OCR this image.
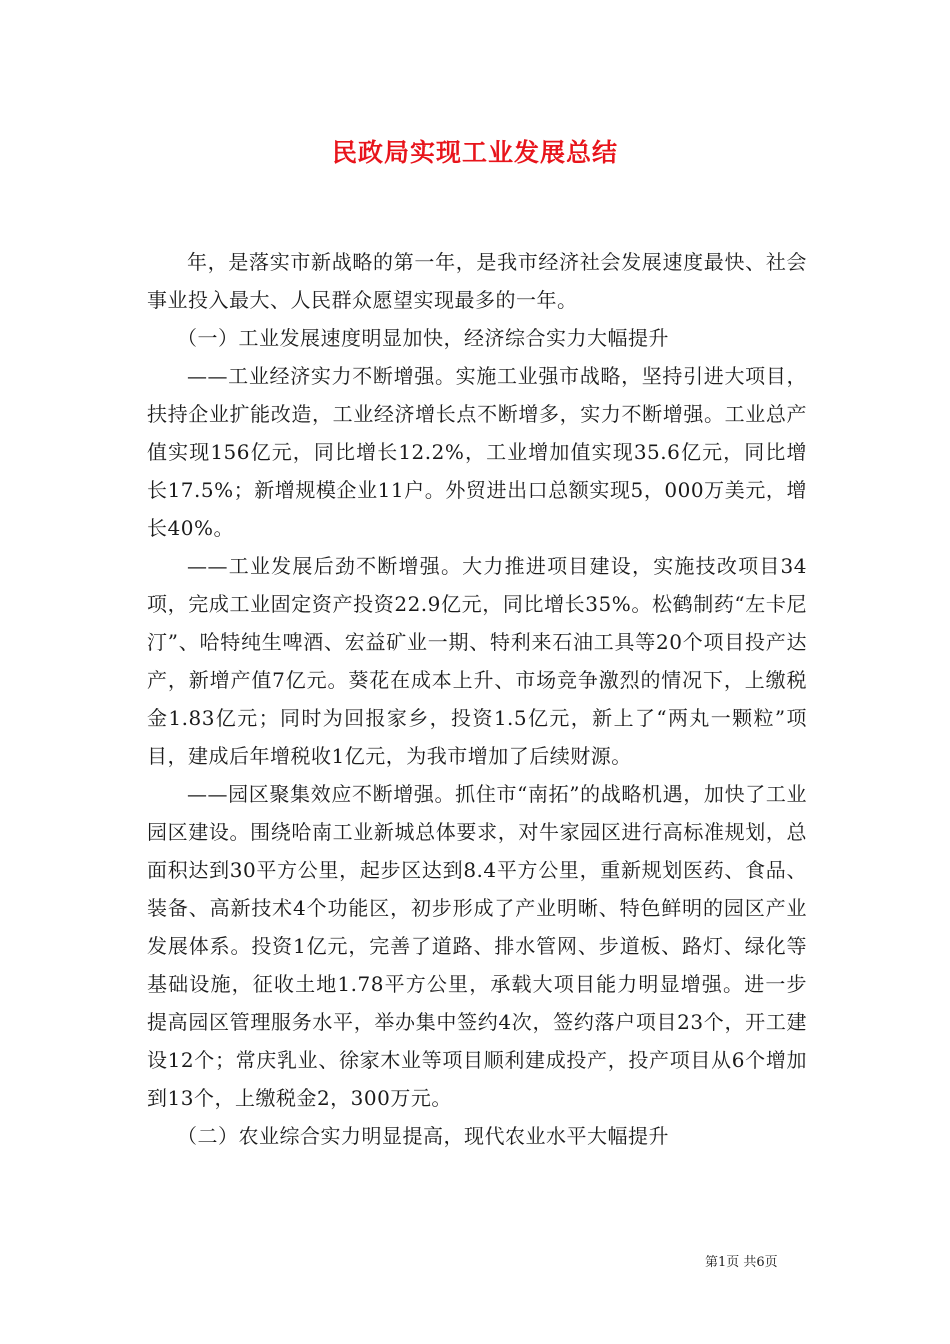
民政局实现工业发展总结

年，是落实市新战略的第一年，是我市经济社会发展速度最快、社会事业投入最大、人民群众愿望实现最多的一年。

（一）工业发展速度明显加快，经济综合实力大幅提升

——工业经济实力不断增强。实施工业强市战略，坚持引进大项目，扶持企业扩能改造，工业经济增长点不断增多，实力不断增强。工业总产值实现156亿元，同比增长12.2%，工业增加值实现35.6亿元，同比增长17.5%；新增规模企业11户。外贸进出口总额实现5，000万美元，增长40%。

——工业发展后劲不断增强。大力推进项目建设，实施技改项目34项，完成工业固定资产投资22.9亿元，同比增长35%。松鹤制药“左卡尼汀”、哈特纯生啤酒、宏益矿业一期、特利来石油工具等20个项目投产达产，新增产值7亿元。葵花在成本上升、市场竞争激烈的情况下，上缴税金1.83亿元；同时为回报家乡，投资1.5亿元，新上了“两丸一颗粒”项目，建成后年增税收1亿元，为我市增加了后续财源。

——园区聚集效应不断增强。抓住市“南拓”的战略机遇，加快了工业园区建设。围绕哈南工业新城总体要求，对牛家园区进行高标准规划，总面积达到30平方公里，起步区达到8.4平方公里，重新规划医药、食品、装备、高新技术4个功能区，初步形成了产业明晰、特色鲜明的园区产业发展体系。投资1亿元，完善了道路、排水管网、步道板、路灯、绿化等基础设施，征收土地1.78平方公里，承载大项目能力明显增强。进一步提高园区管理服务水平，举办集中签约4次，签约落户项目23个，开工建设12个；常庆乳业、徐家木业等项目顺利建成投产，投产项目从6个增加到13个，上缴税金2，300万元。

（二）农业综合实力明显提高，现代农业水平大幅提升

第1页 共6页
